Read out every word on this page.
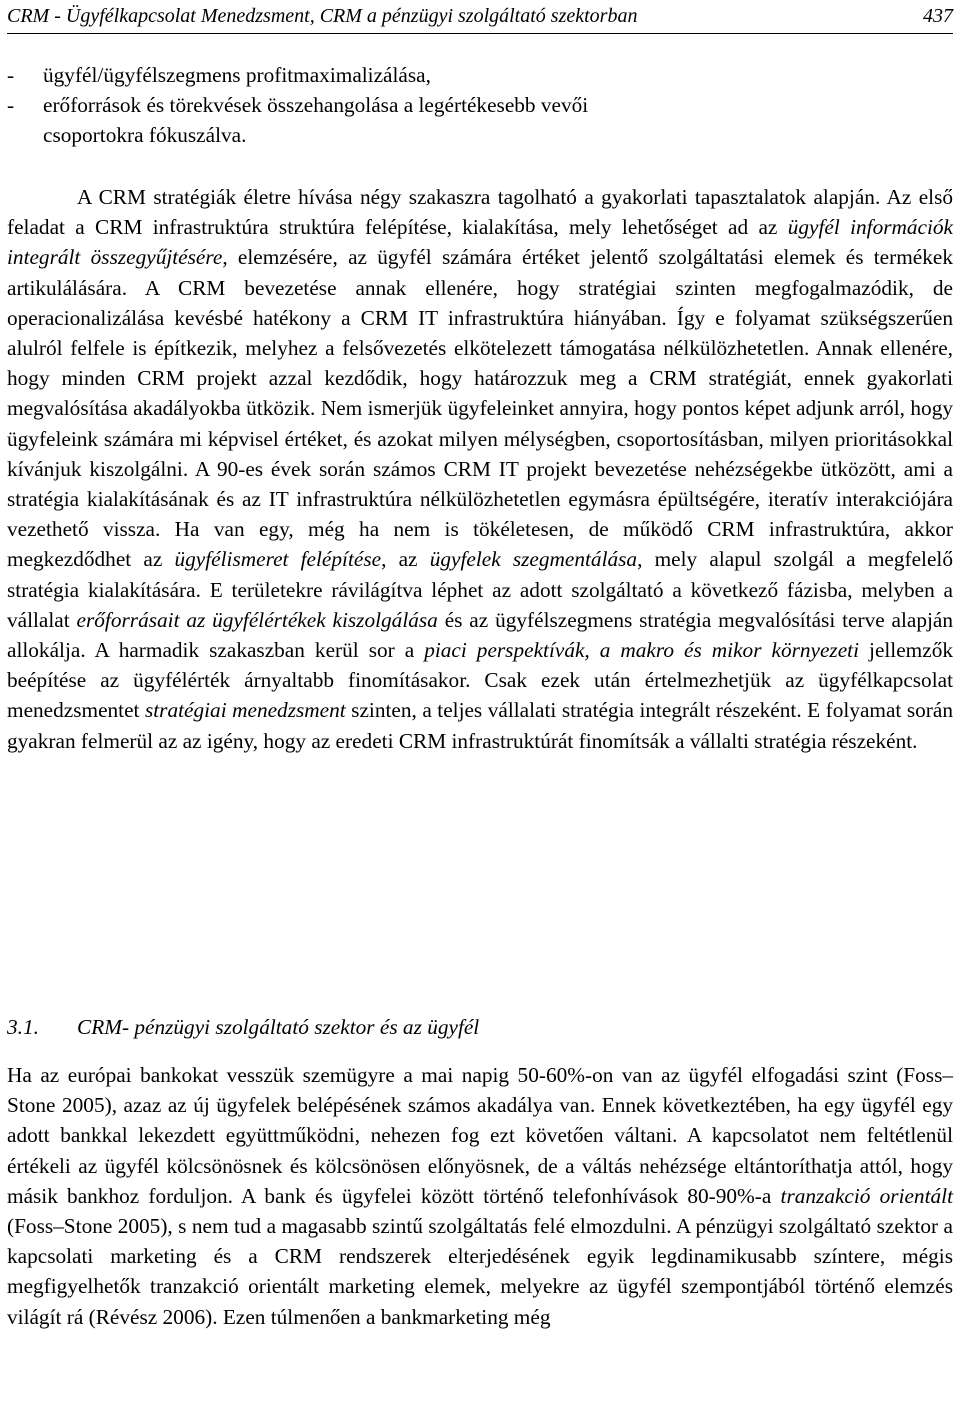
CRM - Ügyfélkapcsolat Menedzsment, CRM a pénzügyi szolgáltató szektorban	437
-	ügyfél/ügyfélszegmens profitmaximalizálása,
-	erőforrások és törekvések összehangolása a legértékesebb vevői csoportokra fókuszálva.

A CRM stratégiák életre hívása négy szakaszra tagolható a gyakorlati tapasztalatok alapján. Az első feladat a CRM infrastruktúra struktúra felépítése, kialakítása, mely lehetőséget ad az ügyfél információk integrált összegyűjtésére, elemzésére, az ügyfél számára értéket jelentő szolgáltatási elemek és termékek artikulálására. A CRM bevezetése annak ellenére, hogy stratégiai szinten megfogalmazódik, de operacionalizálása kevésbé hatékony a CRM IT infrastruktúra hiányában. Így e folyamat szükségszerűen alulról felfele is építkezik, melyhez a felsővezetés elkötelezett támogatása nélkülözhetetlen. Annak ellenére, hogy minden CRM projekt azzal kezdődik, hogy határozzuk meg a CRM stratégiát, ennek gyakorlati megvalósítása akadályokba ütközik. Nem ismerjük ügyfeleinket annyira, hogy pontos képet adjunk arról, hogy ügyfeleink számára mi képvisel értéket, és azokat milyen mélységben, csoportosításban, milyen prioritásokkal kívánjuk kiszolgálni. A 90-es évek során számos CRM IT projekt bevezetése nehézségekbe ütközött, ami a stratégia kialakításának és az IT infrastruktúra nélkülözhetetlen egymásra épültségére, iteratív interakciójára vezethető vissza. Ha van egy, még ha nem is tökéletesen, de működő CRM infrastruktúra, akkor megkezdődhet az ügyfélismeret felépítése, az ügyfelek szegmentálása, mely alapul szolgál a megfelelő stratégia kialakítására. E területekre rávilágítva léphet az adott szolgáltató a következő fázisba, melyben a vállalat erőforrásait az ügyfélértékek kiszolgálása és az ügyfélszegmens stratégia megvalósítási terve alapján allokálja. A harmadik szakaszban kerül sor a piaci perspektívák, a makro és mikor környezeti jellemzők beépítése az ügyfélérték árnyaltabb finomításakor. Csak ezek után értelmezhetjük az ügyfélkapcsolat menedzsmentet stratégiai menedzsment szinten, a teljes vállalati stratégia integrált részeként. E folyamat során gyakran felmerül az az igény, hogy az eredeti CRM infrastruktúrát finomítsák a vállalti stratégia részeként.

3.1. CRM- pénzügyi szolgáltató szektor és az ügyfél

Ha az európai bankokat vesszük szemügyre a mai napig 50-60%-on van az ügyfél elfogadási szint (Foss–Stone 2005), azaz az új ügyfelek belépésének számos akadálya van. Ennek következtében, ha egy ügyfél egy adott bankkal lekezdett együttműködni, nehezen fog ezt követően váltani. A kapcsolatot nem feltétlenül értékeli az ügyfél kölcsönösnek és kölcsönösen előnyösnek, de a váltás nehézsége eltántoríthatja attól, hogy másik bankhoz forduljon. A bank és ügyfelei között történő telefonhívások 80-90%-a tranzakció orientált (Foss–Stone 2005), s nem tud a magasabb szintű szolgáltatás felé elmozdulni. A pénzügyi szolgáltató szektor a kapcsolati marketing és a CRM rendszerek elterjedésének egyik legdinamikusabb színtere, mégis megfigyelhetők tranzakció orientált marketing elemek, melyekre az ügyfél szempontjából történő elemzés világít rá (Révész 2006). Ezen túlmenően a bankmarketing még
